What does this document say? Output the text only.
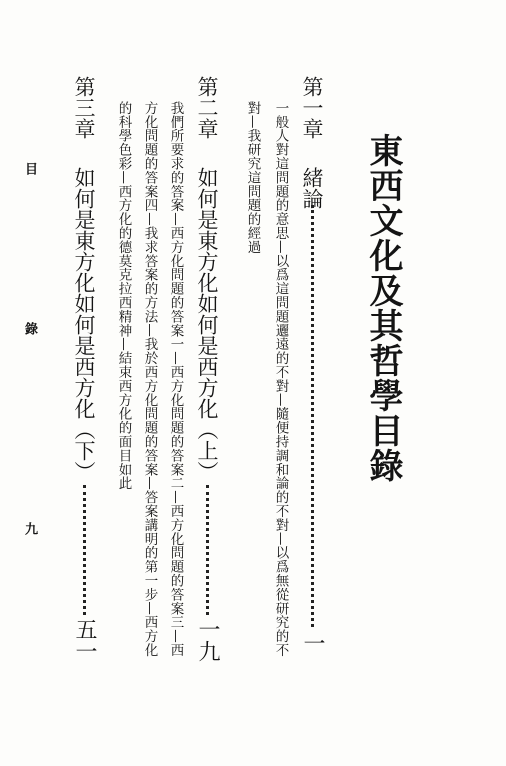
東西文化及其哲學目錄
第一章緒論
一
一般人對這問題的意思—以爲這問題邐遠的不對—隨便持調和論的不對—以爲無從研究的不
對—我研究這問題的經過
第二章如何是東方化如何是西方化（上）
一九
我們所要求的答案—西方化問題的答案一—西方化問題的答案二—西方化問題的答案三—西
方化問題的答案四—我求答案的方法—我於西方化問題的答案—答案講明的第一步—西方化
的科學色彩—西方化的德莫克拉西精神—結束西方化的面目如此
第三章如何是東方化如何是西方化（下）
五一
目
錄
九
